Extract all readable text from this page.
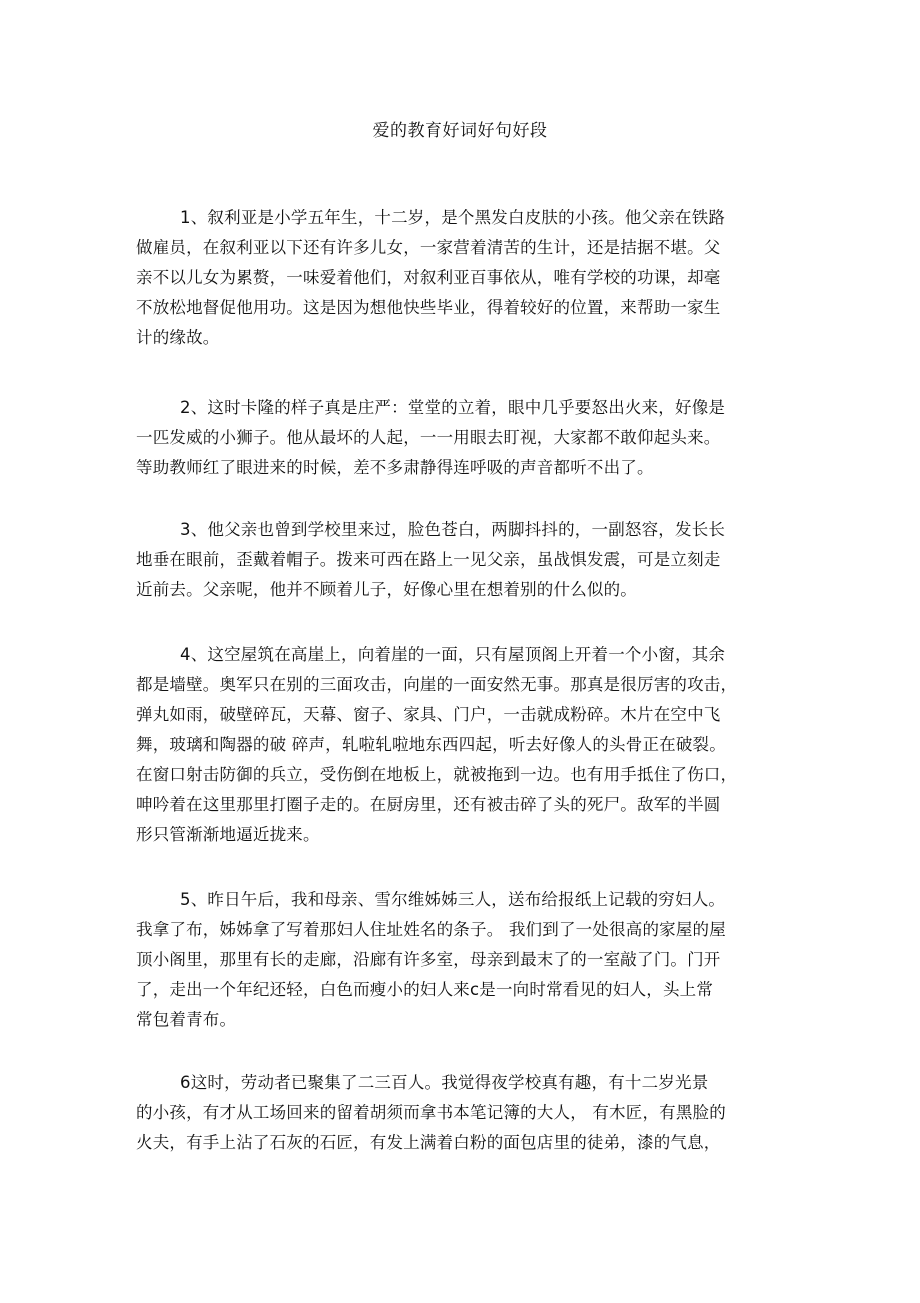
爱的教育好词好句好段
1、叙利亚是小学五年生，十二岁，是个黑发白皮肤的小孩。他父亲在铁路
做雇员，在叙利亚以下还有许多儿女，一家营着清苦的生计，还是拮据不堪。父
亲不以儿女为累赘，一味爱着他们，对叙利亚百事依从，唯有学校的功课，却毫
不放松地督促他用功。这是因为想他快些毕业，得着较好的位置，来帮助一家生
计的缘故。
2、这时卡隆的样子真是庄严：堂堂的立着，眼中几乎要怒出火来，好像是
一匹发威的小狮子。他从最坏的人起，一一用眼去盯视，大家都不敢仰起头来。
等助教师红了眼进来的时候，差不多肃静得连呼吸的声音都听不出了。
3、他父亲也曾到学校里来过，脸色苍白，两脚抖抖的，一副怒容，发长长
地垂在眼前，歪戴着帽子。拨来可西在路上一见父亲，虽战惧发震，可是立刻走
近前去。父亲呢，他并不顾着儿子，好像心里在想着别的什么似的。
4、这空屋筑在高崖上，向着崖的一面，只有屋顶阁上开着一个小窗，其余
都是墙壁。奥军只在别的三面攻击，向崖的一面安然无事。那真是很厉害的攻击，
弹丸如雨，破壁碎瓦，天幕、窗子、家具、门户，一击就成粉碎。木片在空中飞
舞，玻璃和陶器的破 碎声，轧啦轧啦地东西四起，听去好像人的头骨正在破裂。
在窗口射击防御的兵立，受伤倒在地板上，就被拖到一边。也有用手抵住了伤口，
呻吟着在这里那里打圈子走的。在厨房里，还有被击碎了头的死尸。敌军的半圆
形只管渐渐地逼近拢来。
5、昨日午后，我和母亲、雪尔维姊姊三人，送布给报纸上记载的穷妇人。
我拿了布，姊姊拿了写着那妇人住址姓名的条子。 我们到了一处很高的家屋的屋
顶小阁里，那里有长的走廊，沿廊有许多室，母亲到最末了的一室敲了门。门开
了，走出一个年纪还轻，白色而瘦小的妇人来c是一向时常看见的妇人，头上常
常包着青布。
6这时，劳动者已聚集了二三百人。我觉得夜学校真有趣，有十二岁光景
的小孩，有才从工场回来的留着胡须而拿书本笔记簿的大人， 有木匠，有黑脸的
火夫，有手上沾了石灰的石匠，有发上满着白粉的面包店里的徒弟，漆的气息，
